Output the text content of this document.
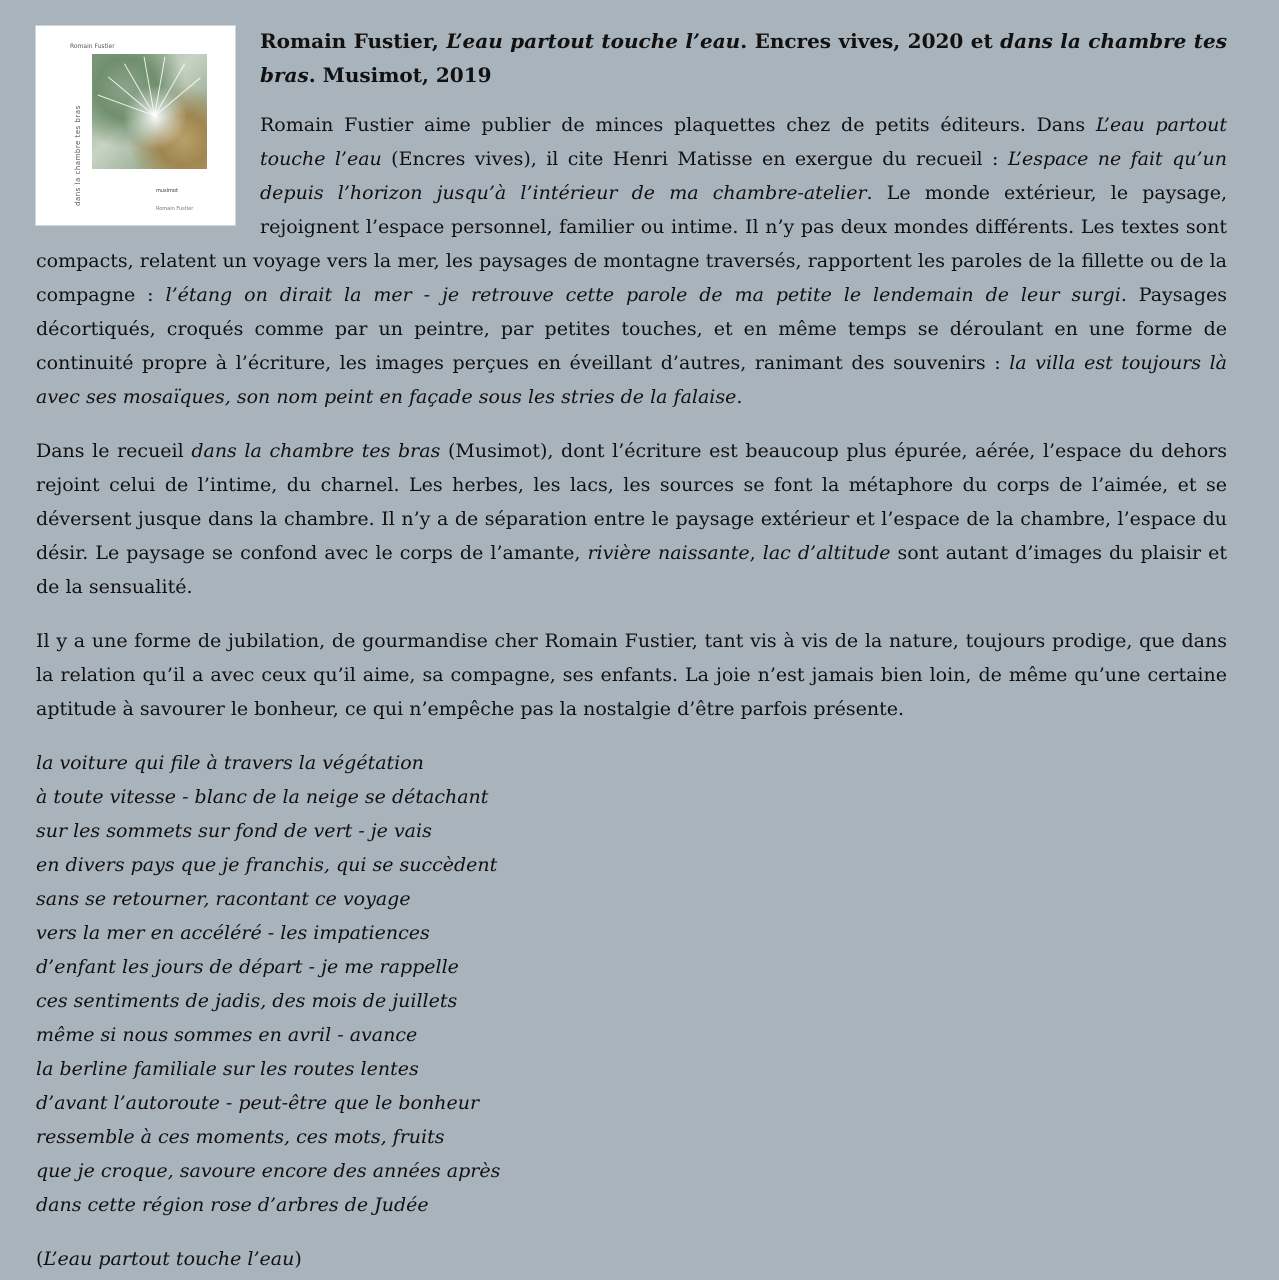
Romain Fustier
dans la chambre tes bras	musimot
Romain Fustier
Romain Fustier, L’eau partout touche l’eau. Encres vives, 2020 et dans la chambre tes bras. Musimot, 2019

Romain Fustier aime publier de minces plaquettes chez de petits éditeurs. Dans L’eau partout touche l’eau (Encres vives), il cite Henri Matisse en exergue du recueil : L’espace ne fait qu’un depuis l’horizon jusqu’à l’intérieur de ma chambre-atelier. Le monde extérieur, le paysage, rejoignent l’espace personnel, familier ou intime. Il n’y pas deux mondes différents. Les textes sont compacts, relatent un voyage vers la mer, les paysages de montagne traversés, rapportent les paroles de la fillette ou de la compagne : l’étang on dirait la mer - je retrouve cette parole de ma petite le lendemain de leur surgi. Paysages décortiqués, croqués comme par un peintre, par petites touches, et en même temps se déroulant en une forme de continuité propre à l’écriture, les images perçues en éveillant d’autres, ranimant des souvenirs : la villa est toujours là avec ses mosaïques, son nom peint en façade sous les stries de la falaise.

Dans le recueil dans la chambre tes bras (Musimot), dont l’écriture est beaucoup plus épurée, aérée, l’espace du dehors rejoint celui de l’intime, du charnel. Les herbes, les lacs, les sources se font la métaphore du corps de l’aimée, et se déversent jusque dans la chambre. Il n’y a de séparation entre le paysage extérieur et l’espace de la chambre, l’espace du désir. Le paysage se confond avec le corps de l’amante, rivière naissante, lac d’altitude sont autant d’images du plaisir et de la sensualité.

Il y a une forme de jubilation, de gourmandise cher Romain Fustier, tant vis à vis de la nature, toujours prodige, que dans la relation qu’il a avec ceux qu’il aime, sa compagne, ses enfants. La joie n’est jamais bien loin, de même qu’une certaine aptitude à savourer le bonheur, ce qui n’empêche pas la nostalgie d’être parfois présente.

la voiture qui file à travers la végétation
à toute vitesse - blanc de la neige se détachant
sur les sommets sur fond de vert - je vais
en divers pays que je franchis, qui se succèdent
sans se retourner, racontant ce voyage
vers la mer en accéléré - les impatiences
d’enfant les jours de départ - je me rappelle
ces sentiments de jadis, des mois de juillets
même si nous sommes en avril - avance
la berline familiale sur les routes lentes
d’avant l’autoroute - peut-être que le bonheur
ressemble à ces moments, ces mots, fruits
que je croque, savoure encore des années après
dans cette région rose d’arbres de Judée
(L’eau partout touche l’eau)
